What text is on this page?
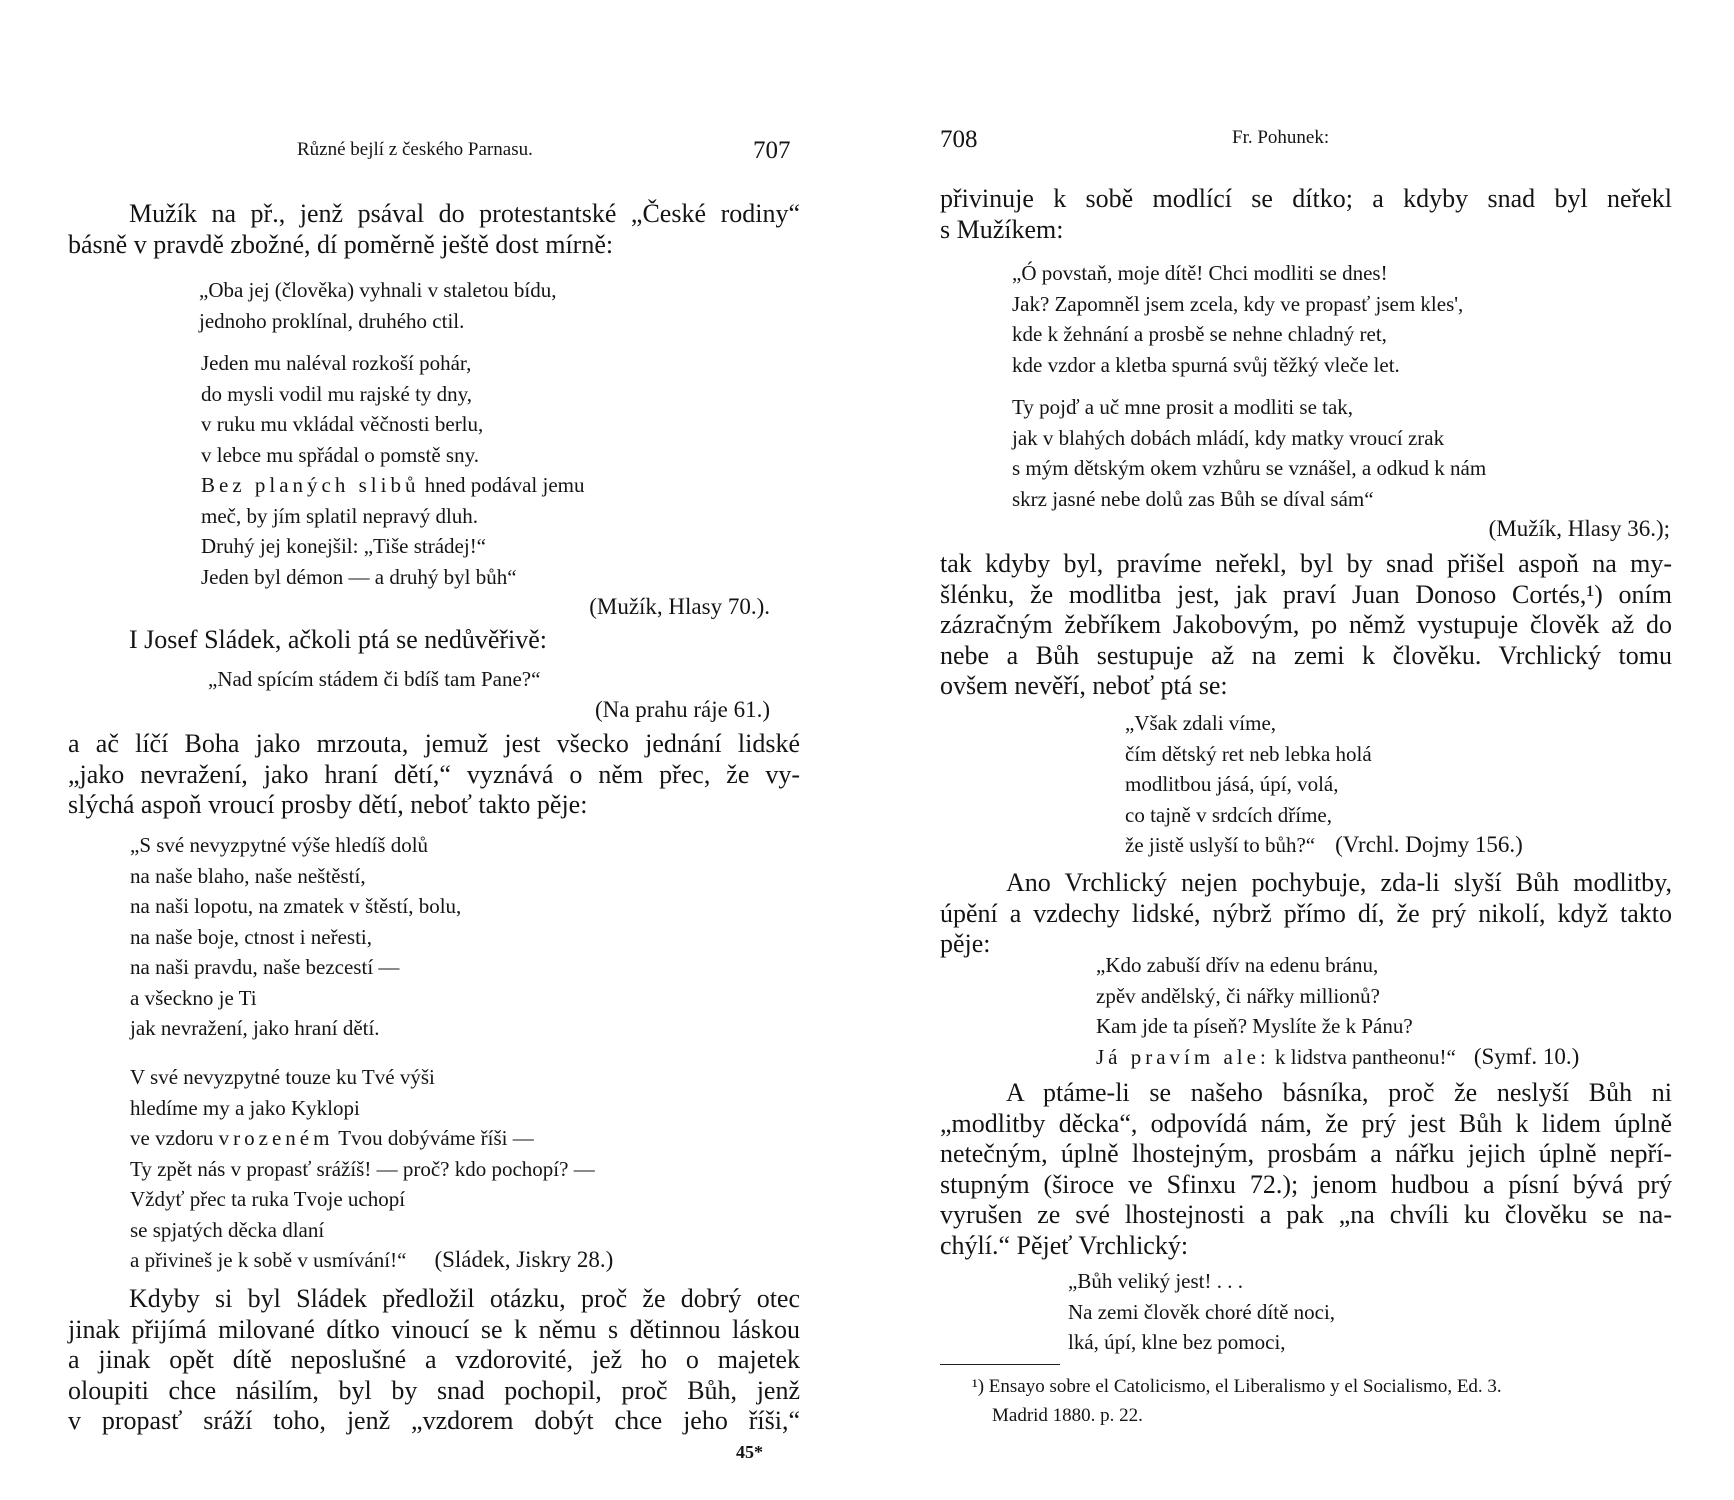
Různé bejlí z českého Parnasu.	707
Mužík na př., jenž psával do protestantské „České rodiny“
básně v pravdě zbožné, dí poměrně ještě dost mírně:
„Oba jej (člověka) vyhnali v staletou bídu,
jednoho proklínal, druhého ctil.
Jeden mu naléval rozkoší pohár,
do mysli vodil mu rajské ty dny,
v ruku mu vkládal věčnosti berlu,
v lebce mu spřádal o pomstě sny.
Bez planých slibů hned podával jemu
meč, by jím splatil nepravý dluh.
Druhý jej konejšil: „Tiše strádej!“
Jeden byl démon — a druhý byl bůh“
(Mužík, Hlasy 70.).
I Josef Sládek, ačkoli ptá se nedůvěřivě:
„Nad spícím stádem či bdíš tam Pane?“
(Na prahu ráje 61.)
a ač líčí Boha jako mrzouta, jemuž jest všecko jednání lidské
„jako nevražení, jako hraní dětí,“ vyznává o něm přec, že vy-
slýchá aspoň vroucí prosby dětí, neboť takto pěje:
„S své nevyzpytné výše hledíš dolů
na naše blaho, naše neštěstí,
na naši lopotu, na zmatek v štěstí, bolu,
na naše boje, ctnost i neřesti,
na naši pravdu, naše bezcestí —
a všeckno je Ti
jak nevražení, jako hraní dětí.
V své nevyzpytné touze ku Tvé výši
hledíme my a jako Kyklopi
ve vzdoru vrozeném Tvou dobýváme říši —
Ty zpět nás v propasť srážíš! — proč? kdo pochopí? —
Vždyť přec ta ruka Tvoje uchopí
se spjatých děcka dlaní
a přivineš je k sobě v usmívání!“ (Sládek, Jiskry 28.)
Kdyby si byl Sládek předložil otázku, proč že dobrý otec
jinak přijímá milované dítko vinoucí se k němu s dětinnou láskou
a jinak opět dítě neposlušné a vzdorovité, jež ho o majetek
oloupiti chce násilím, byl by snad pochopil, proč Bůh, jenž
v propasť sráží toho, jenž „vzdorem dobýt chce jeho říši,“
45*
708	Fr. Pohunek:
přivinuje k sobě modlící se dítko; a kdyby snad byl neřekl
s Mužíkem:
„Ó povstaň, moje dítě! Chci modliti se dnes!
Jak? Zapomněl jsem zcela, kdy ve propasť jsem kles',
kde k žehnání a prosbě se nehne chladný ret,
kde vzdor a kletba spurná svůj těžký vleče let.
Ty pojď a uč mne prosit a modliti se tak,
jak v blahých dobách mládí, kdy matky vroucí zrak
s mým dětským okem vzhůru se vznášel, a odkud k nám
skrz jasné nebe dolů zas Bůh se díval sám“
(Mužík, Hlasy 36.);
tak kdyby byl, pravíme neřekl, byl by snad přišel aspoň na my-
šlénku, že modlitba jest, jak praví Juan Donoso Cortés,¹) oním
zázračným žebříkem Jakobovým, po němž vystupuje člověk až do
nebe a Bůh sestupuje až na zemi k člověku. Vrchlický tomu
ovšem nevěří, neboť ptá se:
„Však zdali víme,
čím dětský ret neb lebka holá
modlitbou jásá, úpí, volá,
co tajně v srdcích dříme,
že jistě uslyší to bůh?“ (Vrchl. Dojmy 156.)
Ano Vrchlický nejen pochybuje, zda-li slyší Bůh modlitby,
úpění a vzdechy lidské, nýbrž přímo dí, že prý nikolí, když takto
pěje:
„Kdo zabuší dřív na edenu bránu,
zpěv andělský, či nářky millionů?
Kam jde ta píseň? Myslíte že k Pánu?
Já pravím ale: k lidstva pantheonu!“ (Symf. 10.)
A ptáme-li se našeho básníka, proč že neslyší Bůh ni
„modlitby děcka“, odpovídá nám, že prý jest Bůh k lidem úplně
netečným, úplně lhostejným, prosbám a nářku jejich úplně nepří-
stupným (široce ve Sfinxu 72.); jenom hudbou a písní bývá prý
vyrušen ze své lhostejnosti a pak „na chvíli ku člověku se na-
chýlí.“ Pějeť Vrchlický:
„Bůh veliký jest! . . .
Na zemi člověk choré dítě noci,
lká, úpí, klne bez pomoci,
¹) Ensayo sobre el Catolicismo, el Liberalismo y el Socialismo, Ed. 3.
Madrid 1880. p. 22.
